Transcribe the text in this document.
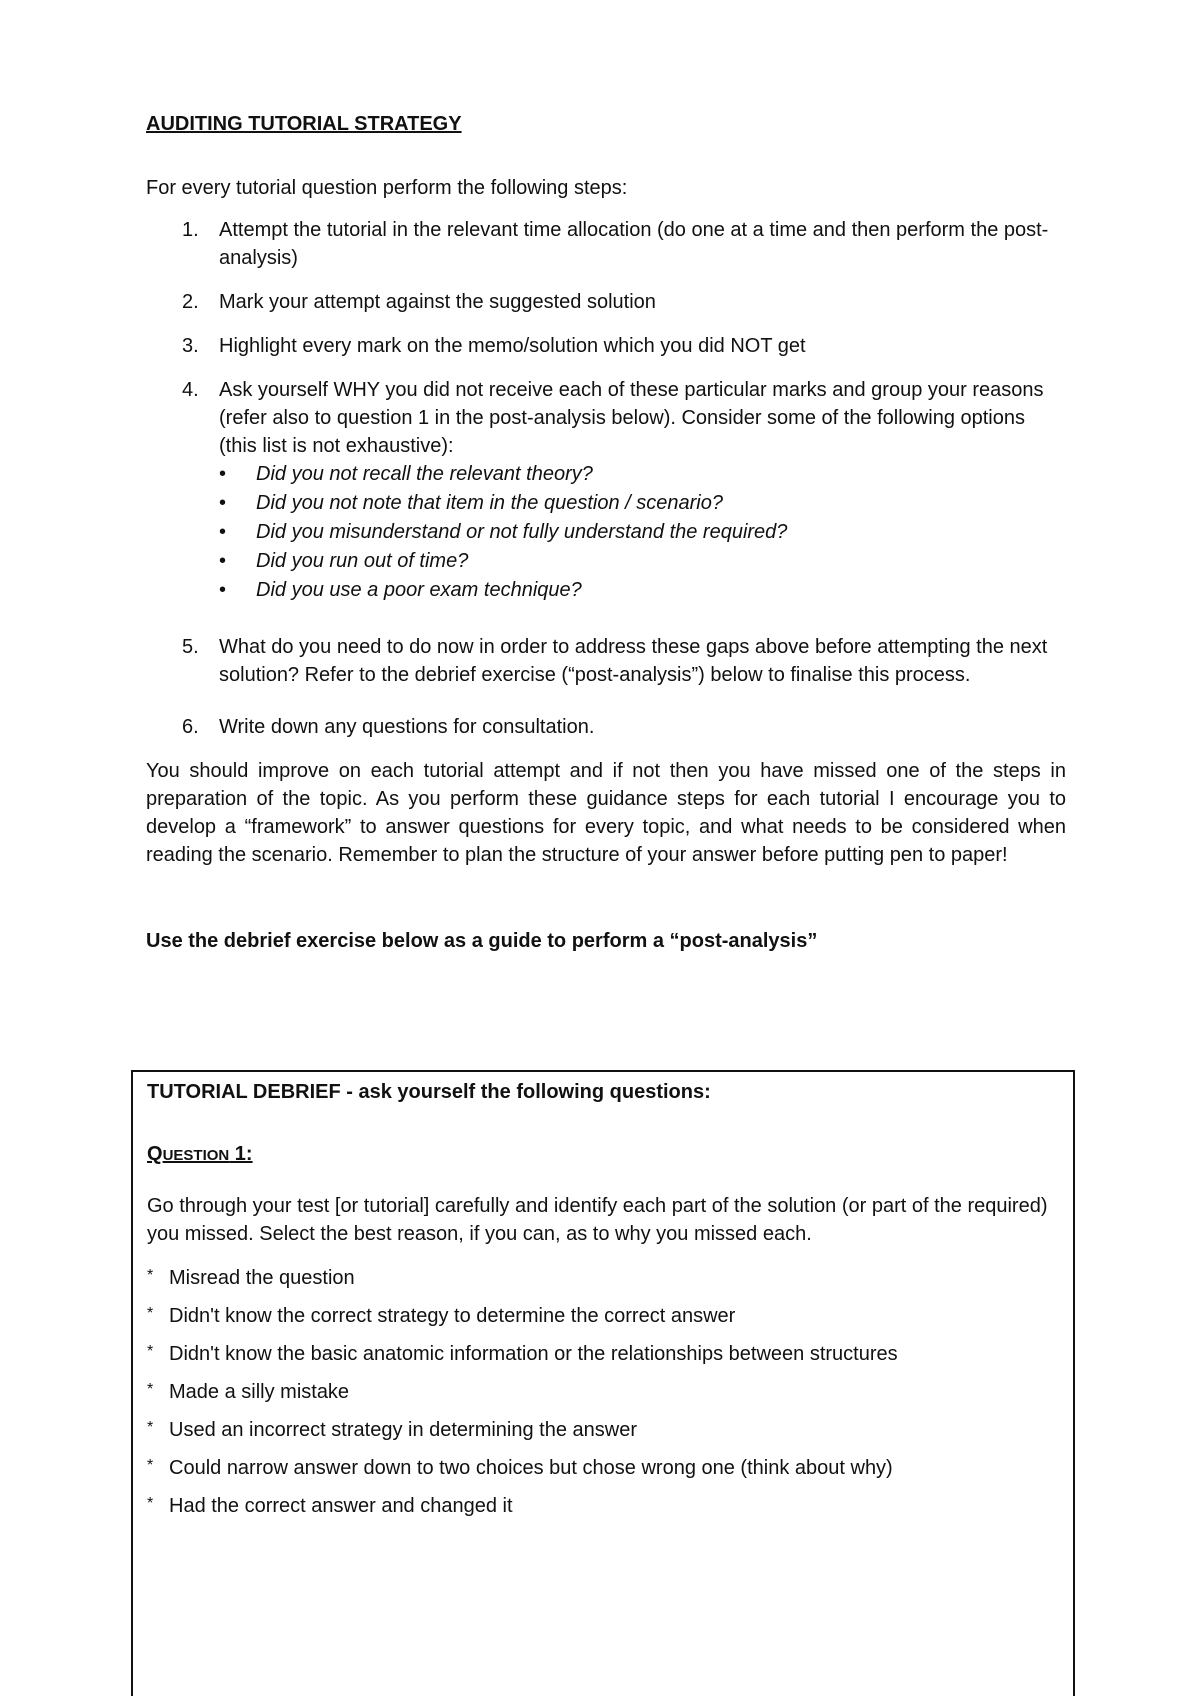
AUDITING TUTORIAL STRATEGY

For every tutorial question perform the following steps:

1. Attempt the tutorial in the relevant time allocation (do one at a time and then perform the post-analysis)
2. Mark your attempt against the suggested solution
3. Highlight every mark on the memo/solution which you did NOT get
4. Ask yourself WHY you did not receive each of these particular marks and group your reasons (refer also to question 1 in the post-analysis below). Consider some of the following options (this list is not exhaustive):
• Did you not recall the relevant theory?
• Did you not note that item in the question / scenario?
• Did you misunderstand or not fully understand the required?
• Did you run out of time?
• Did you use a poor exam technique?
5. What do you need to do now in order to address these gaps above before attempting the next solution? Refer to the debrief exercise (“post-analysis”) below to finalise this process.
6. Write down any questions for consultation.

You should improve on each tutorial attempt and if not then you have missed one of the steps in preparation of the topic. As you perform these guidance steps for each tutorial I encourage you to develop a “framework” to answer questions for every topic, and what needs to be considered when reading the scenario. Remember to plan the structure of your answer before putting pen to paper!

Use the debrief exercise below as a guide to perform a “post-analysis”

TUTORIAL DEBRIEF - ask yourself the following questions:

QUESTION 1:

Go through your test [or tutorial] carefully and identify each part of the solution (or part of the required) you missed. Select the best reason, if you can, as to why you missed each.

* Misread the question
* Didn't know the correct strategy to determine the correct answer
* Didn't know the basic anatomic information or the relationships between structures
* Made a silly mistake
* Used an incorrect strategy in determining the answer
* Could narrow answer down to two choices but chose wrong one (think about why)
* Had the correct answer and changed it
